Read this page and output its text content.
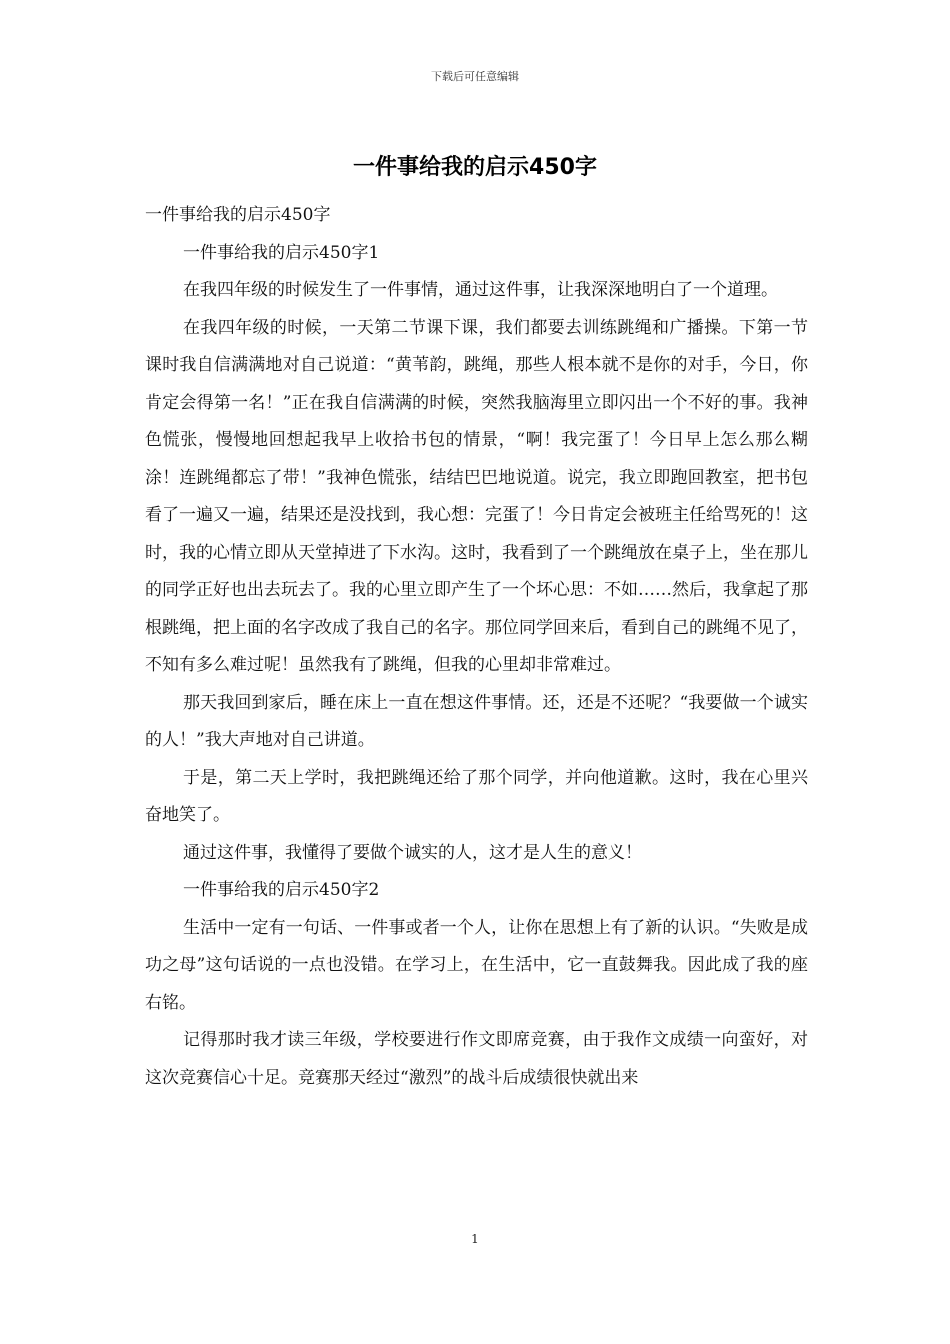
下载后可任意编辑
一件事给我的启示450字

一件事给我的启示450字

一件事给我的启示450字1

在我四年级的时候发生了一件事情，通过这件事，让我深深地明白了一个道理。

在我四年级的时候，一天第二节课下课，我们都要去训练跳绳和广播操。下第一节课时我自信满满地对自己说道：“黄苇韵，跳绳，那些人根本就不是你的对手，今日，你肯定会得第一名！”正在我自信满满的时候，突然我脑海里立即闪出一个不好的事。我神色慌张，慢慢地回想起我早上收拾书包的情景，“啊！我完蛋了！今日早上怎么那么糊涂！连跳绳都忘了带！”我神色慌张，结结巴巴地说道。说完，我立即跑回教室，把书包看了一遍又一遍，结果还是没找到，我心想：完蛋了！今日肯定会被班主任给骂死的！这时，我的心情立即从天堂掉进了下水沟。这时，我看到了一个跳绳放在桌子上，坐在那儿的同学正好也出去玩去了。我的心里立即产生了一个坏心思：不如……然后，我拿起了那根跳绳，把上面的名字改成了我自己的名字。那位同学回来后，看到自己的跳绳不见了，不知有多么难过呢！虽然我有了跳绳，但我的心里却非常难过。

那天我回到家后，睡在床上一直在想这件事情。还，还是不还呢？“我要做一个诚实的人！”我大声地对自己讲道。

于是，第二天上学时，我把跳绳还给了那个同学，并向他道歉。这时，我在心里兴奋地笑了。

通过这件事，我懂得了要做个诚实的人，这才是人生的意义！

一件事给我的启示450字2

生活中一定有一句话、一件事或者一个人，让你在思想上有了新的认识。“失败是成功之母”这句话说的一点也没错。在学习上，在生活中，它一直鼓舞我。因此成了我的座右铭。

记得那时我才读三年级，学校要进行作文即席竞赛，由于我作文成绩一向蛮好，对这次竞赛信心十足。竞赛那天经过“激烈”的战斗后成绩很快就出来

1
